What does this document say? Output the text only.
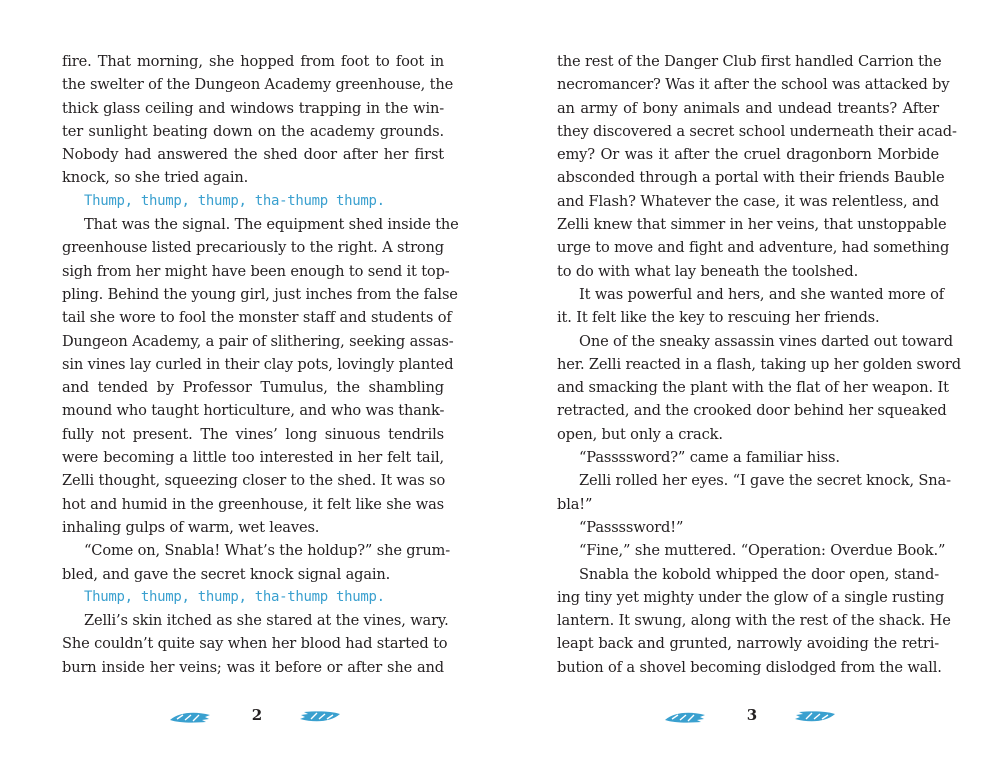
fire. That morning, she hopped from foot to foot in
the swelter of the Dungeon Academy greenhouse, the
thick glass ceiling and windows trapping in the win-
ter sunlight beating down on the academy grounds.
Nobody had answered the shed door after her first
knock, so she tried again.
Thump, thump, thump, tha-thump thump.
That was the signal. The equipment shed inside the
greenhouse listed precariously to the right. A strong
sigh from her might have been enough to send it top-
pling. Behind the young girl, just inches from the false
tail she wore to fool the monster staff and students of
Dungeon Academy, a pair of slithering, seeking assas-
sin vines lay curled in their clay pots, lovingly planted
and tended by Professor Tumulus, the shambling
mound who taught horticulture, and who was thank-
fully not present. The vines’ long sinuous tendrils
were becoming a little too interested in her felt tail,
Zelli thought, squeezing closer to the shed. It was so
hot and humid in the greenhouse, it felt like she was
inhaling gulps of warm, wet leaves.
“Come on, Snabla! What’s the holdup?” she grum-
bled, and gave the secret knock signal again.
Thump, thump, thump, tha-thump thump.
Zelli’s skin itched as she stared at the vines, wary.
She couldn’t quite say when her blood had started to
burn inside her veins; was it before or after she and
the rest of the Danger Club first handled Carrion the
necromancer? Was it after the school was attacked by
an army of bony animals and undead treants? After
they discovered a secret school underneath their acad-
emy? Or was it after the cruel dragonborn Morbide
absconded through a portal with their friends Bauble
and Flash? Whatever the case, it was relentless, and
Zelli knew that simmer in her veins, that unstoppable
urge to move and fight and adventure, had something
to do with what lay beneath the toolshed.
It was powerful and hers, and she wanted more of
it. It felt like the key to rescuing her friends.
One of the sneaky assassin vines darted out toward
her. Zelli reacted in a flash, taking up her golden sword
and smacking the plant with the flat of her weapon. It
retracted, and the crooked door behind her squeaked
open, but only a crack.
“Passssword?” came a familiar hiss.
Zelli rolled her eyes. “I gave the secret knock, Sna-
bla!”
“Passssword!”
“Fine,” she muttered. “Operation: Overdue Book.”
Snabla the kobold whipped the door open, stand-
ing tiny yet mighty under the glow of a single rusting
lantern. It swung, along with the rest of the shack. He
leapt back and grunted, narrowly avoiding the retri-
bution of a shovel becoming dislodged from the wall.
2	3
